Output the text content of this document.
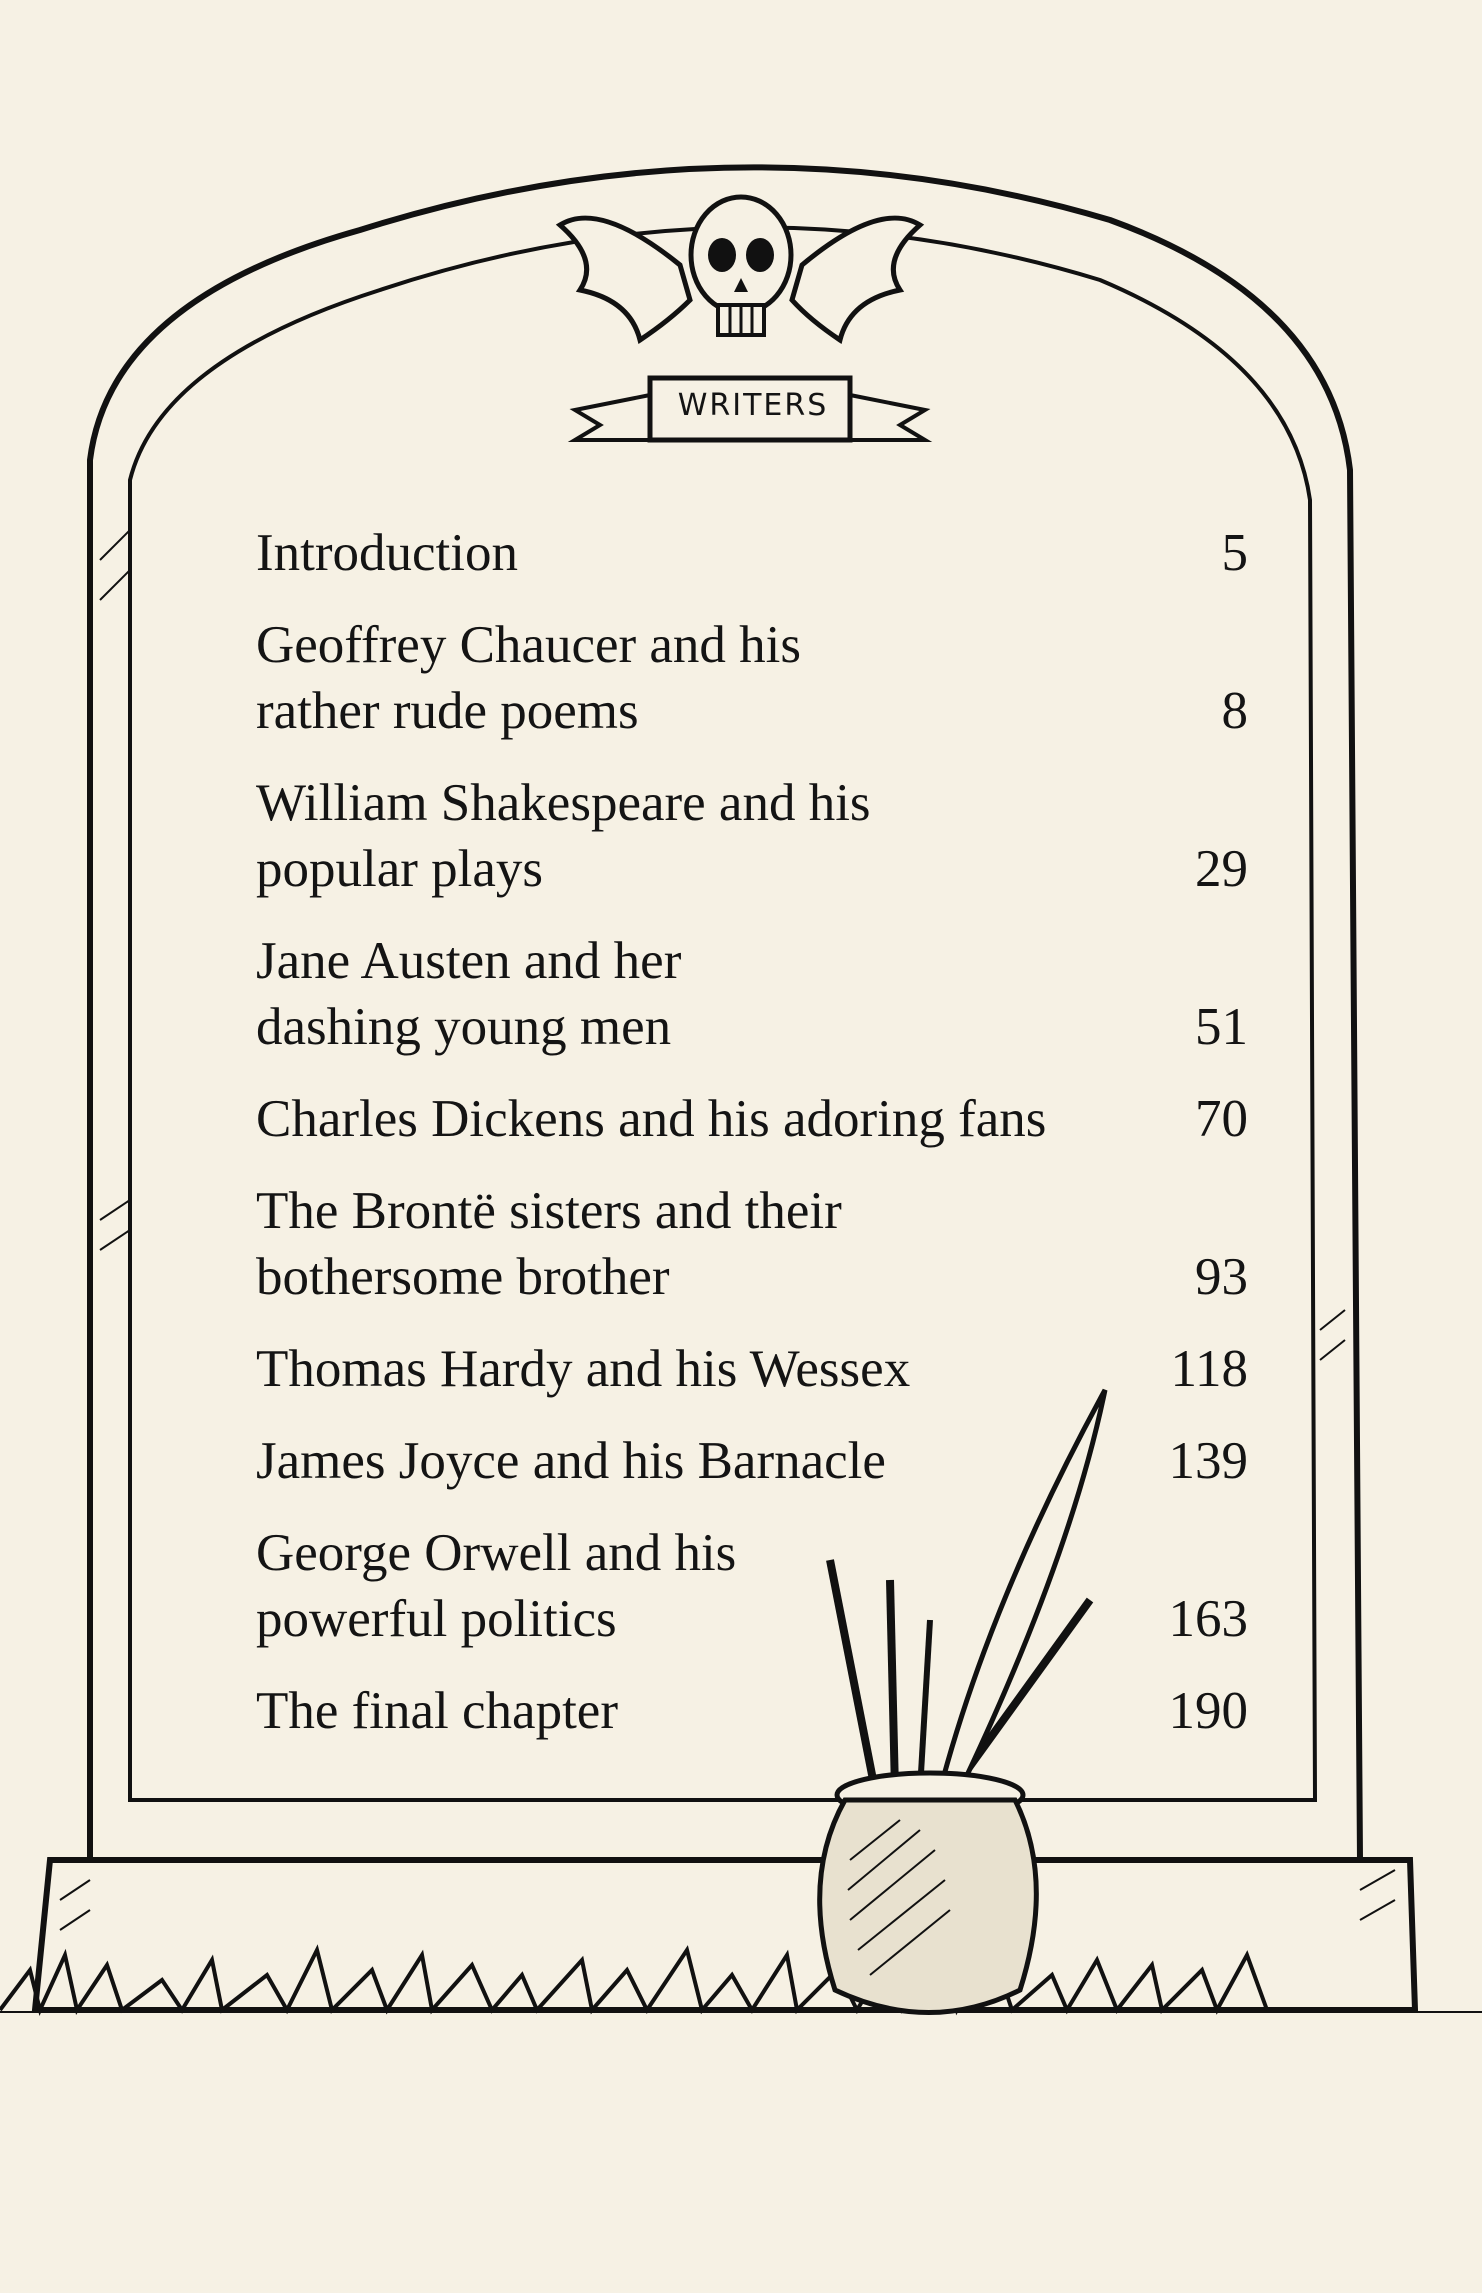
WRITERS
Introduction	5
Geoffrey Chaucer and his rather rude poems	8
William Shakespeare and his popular plays	29
Jane Austen and her dashing young men	51
Charles Dickens and his adoring fans	70
The Brontë sisters and their bothersome brother	93
Thomas Hardy and his Wessex	118
James Joyce and his Barnacle	139
George Orwell and his powerful politics	163
The final chapter	190
